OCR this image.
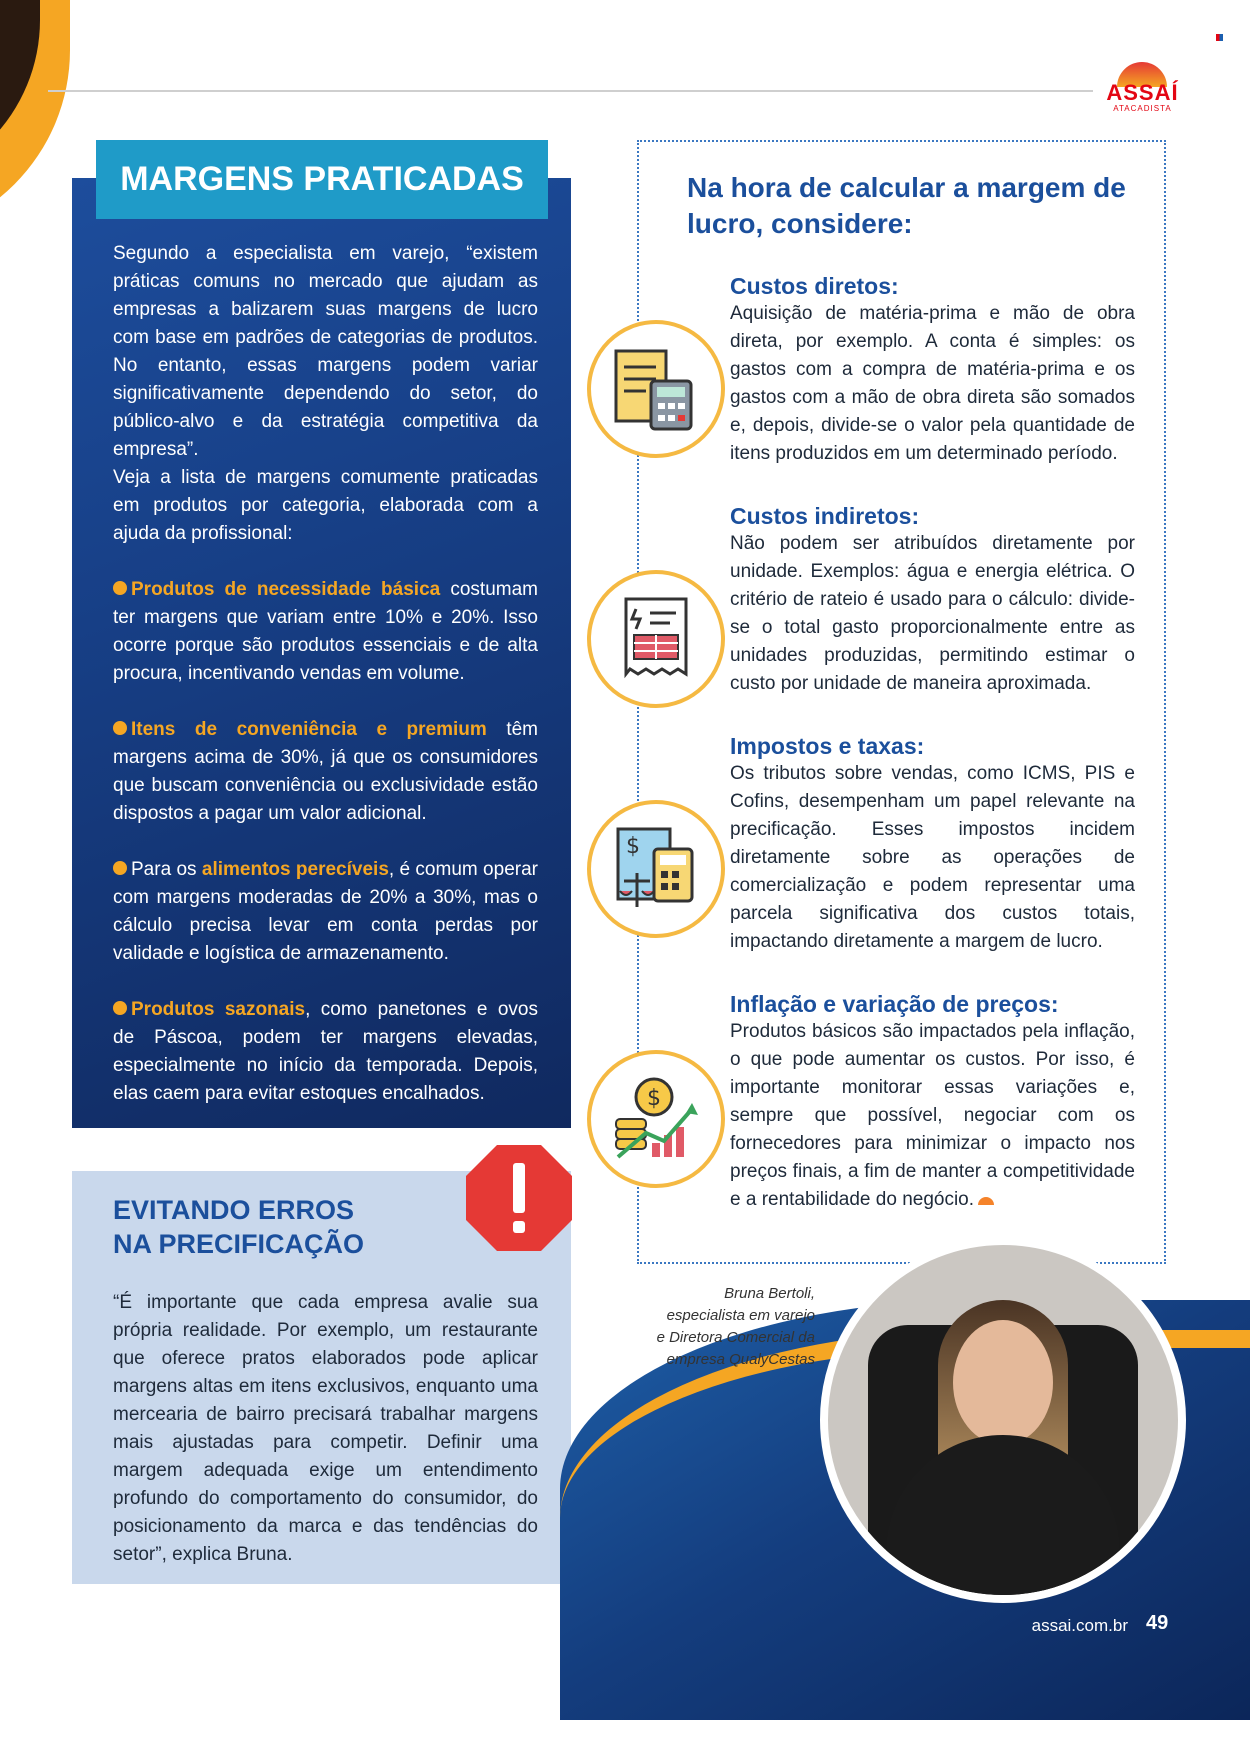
ASSAÍ
ATACADISTA
MARGENS PRATICADAS
Segundo a especialista em varejo, “existem práticas comuns no mercado que ajudam as empresas a balizarem suas margens de lucro com base em padrões de categorias de produtos. No entanto, essas margens podem variar significativamente dependendo do setor, do público-alvo e da estratégia competitiva da empresa”.
Veja a lista de margens comumente praticadas em produtos por categoria, elaborada com a ajuda da profissional:
Produtos de necessidade básica costumam ter margens que variam entre 10% e 20%. Isso ocorre porque são produtos essenciais e de alta procura, incentivando vendas em volume.
Itens de conveniência e premium têm margens acima de 30%, já que os consumidores que buscam conveniência ou exclusividade estão dispostos a pagar um valor adicional.
Para os alimentos perecíveis, é comum operar com margens moderadas de 20% a 30%, mas o cálculo precisa levar em conta perdas por validade e logística de armazenamento.
Produtos sazonais, como panetones e ovos de Páscoa, podem ter margens elevadas, especialmente no início da temporada. Depois, elas caem para evitar estoques encalhados.
EVITANDO ERROS
NA PRECIFICAÇÃO
“É importante que cada empresa avalie sua própria realidade. Por exemplo, um restaurante que oferece pratos elaborados pode aplicar margens altas em itens exclusivos, enquanto uma mercearia de bairro precisará trabalhar margens mais ajustadas para competir. Definir uma margem adequada exige um entendimento profundo do comportamento do consumidor, do posicionamento da marca e das tendências do setor”, explica Bruna.
Na hora de calcular a margem de lucro, considere:
Custos diretos:
Aquisição de matéria-prima e mão de obra direta, por exemplo. A conta é simples: os gastos com a compra de matéria-prima e os gastos com a mão de obra direta são somados e, depois, divide-se o valor pela quantidade de itens produzidos em um determinado período.
Custos indiretos:
Não podem ser atribuídos diretamente por unidade. Exemplos: água e energia elétrica. O critério de rateio é usado para o cálculo: divide-se o total gasto proporcionalmente entre as unidades produzidas, permitindo estimar o custo por unidade de maneira aproximada.
Impostos e taxas:
Os tributos sobre vendas, como ICMS, PIS e Cofins, desempenham um papel relevante na precificação. Esses impostos incidem diretamente sobre as operações de comercialização e podem representar uma parcela significativa dos custos totais, impactando diretamente a margem de lucro.
$
Inflação e variação de preços:
Produtos básicos são impactados pela inflação, o que pode aumentar os custos. Por isso, é importante monitorar essas variações e, sempre que possível, negociar com os fornecedores para minimizar o impacto nos preços finais, a fim de manter a competitividade e a rentabilidade do negócio.
$
Bruna Bertoli,
especialista em varejo
e Diretora Comercial da
empresa QualyCestas
assai.com.br 49
